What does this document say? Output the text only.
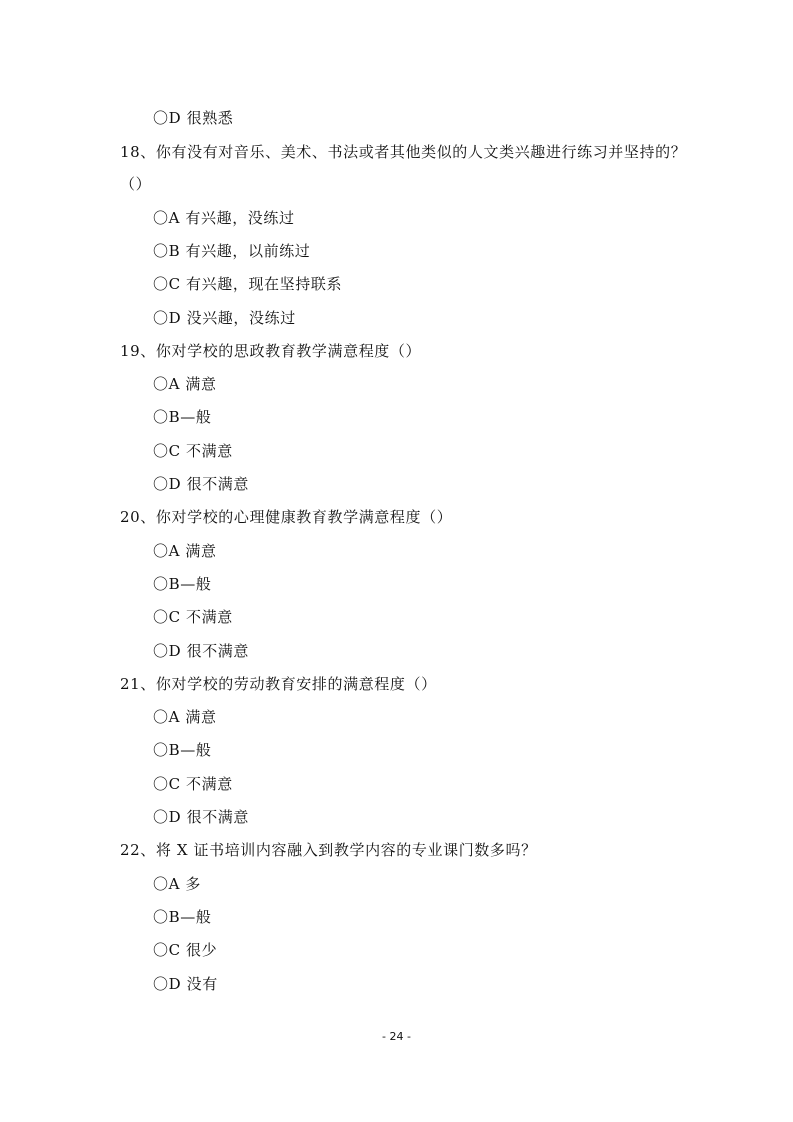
〇D 很熟悉
18、你有没有对音乐、美术、书法或者其他类似的人文类兴趣进行练习并坚持的？
（）
〇A 有兴趣，没练过
〇B 有兴趣，以前练过
〇C 有兴趣，现在坚持联系
〇D 没兴趣，没练过
19、你对学校的思政教育教学满意程度（）
〇A 满意
〇B—般
〇C 不满意
〇D 很不满意
20、你对学校的心理健康教育教学满意程度（）
〇A 满意
〇B—般
〇C 不满意
〇D 很不满意
21、你对学校的劳动教育安排的满意程度（）
〇A 满意
〇B—般
〇C 不满意
〇D 很不满意
22、将 X 证书培训内容融入到教学内容的专业课门数多吗？
〇A 多
〇B—般
〇C 很少
〇D 没有
- 24 -
